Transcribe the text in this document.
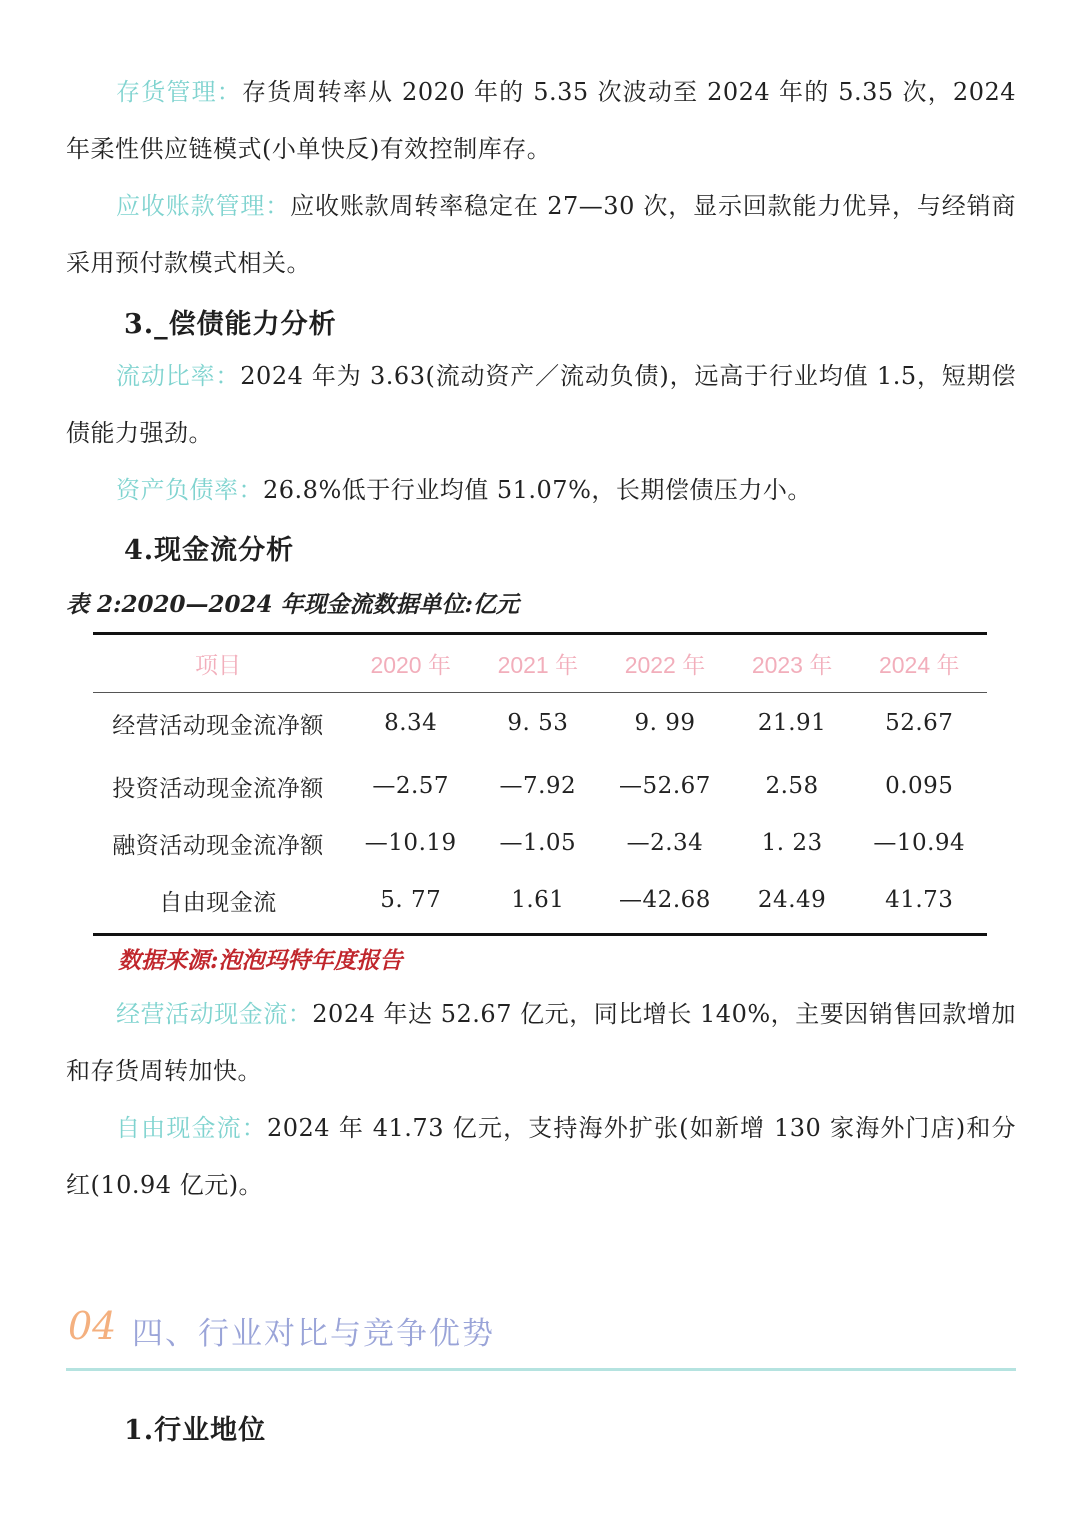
存货管理：存货周转率从 2020 年的 5.35 次波动至 2024 年的 5.35 次，2024 年柔性供应链模式(小单快反)有效控制库存。

应收账款管理：应收账款周转率稳定在 27—30 次，显示回款能力优异，与经销商采用预付款模式相关。

3._偿债能力分析

流动比率：2024 年为 3.63(流动资产／流动负债)，远高于行业均值 1.5，短期偿债能力强劲。

资产负债率：26.8%低于行业均值 51.07%，长期偿债压力小。

4.现金流分析

表 2:2020—2024 年现金流数据单位:亿元

项目	2020 年	2021 年	2022 年	2023 年	2024 年
经营活动现金流净额	8.34	9. 53	9. 99	21.91	52.67
投资活动现金流净额	—2.57	—7.92	—52.67	2.58	0.095
融资活动现金流净额	—10.19	—1.05	—2.34	1. 23	—10.94
自由现金流	5. 77	1.61	—42.68	24.49	41.73

数据来源:泡泡玛特年度报告

经营活动现金流：2024 年达 52.67 亿元，同比增长 140%，主要因销售回款增加和存货周转加快。

自由现金流：2024 年 41.73 亿元，支持海外扩张(如新增 130 家海外门店)和分红(10.94 亿元)。

04 四、行业对比与竞争优势
1.行业地位
